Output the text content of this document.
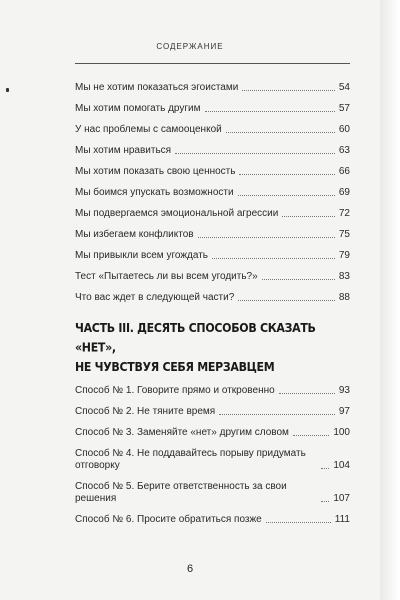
СОДЕРЖАНИЕ
Мы не хотим показаться эгоистами	54
Мы хотим помогать другим	57
У нас проблемы с самооценкой	60
Мы хотим нравиться	63
Мы хотим показать свою ценность	66
Мы боимся упускать возможности	69
Мы подвергаемся эмоциональной агрессии	72
Мы избегаем конфликтов	75
Мы привыкли всем угождать	79
Тест «Пытаетесь ли вы всем угодить?»	83
Что вас ждет в следующей части?	88
ЧАСТЬ III. ДЕСЯТЬ СПОСОБОВ СКАЗАТЬ «НЕТ»,
НЕ ЧУВСТВУЯ СЕБЯ МЕРЗАВЦЕМ
Способ № 1. Говорите прямо и откровенно	93
Способ № 2. Не тяните время	97
Способ № 3. Заменяйте «нет» другим словом	100
Способ № 4. Не поддавайтесь порыву придумать отговорку	104
Способ № 5. Берите ответственность за свои решения	107
Способ № 6. Просите обратиться позже	111
6
